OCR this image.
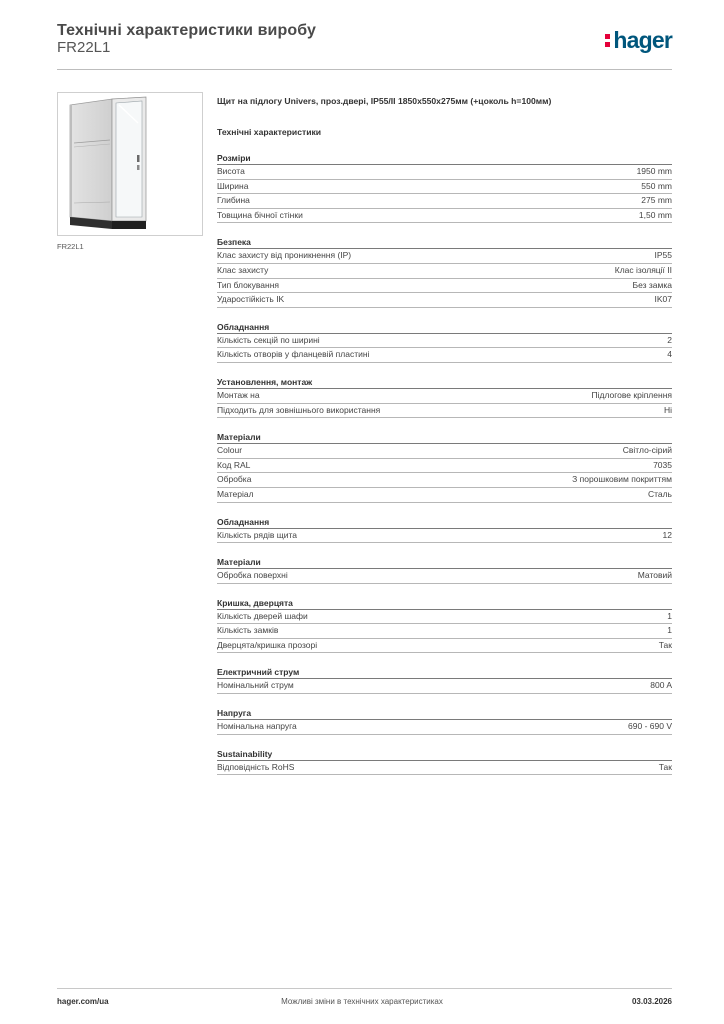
Технічні характеристики виробу
FR22L1	hager
FR22L1
Щит на підлогу Univers, проз.двері, IP55/II 1850x550x275мм (+цоколь h=100мм)
Технічні характеристики
Розміри
Висота	1950 mm
Ширина	550 mm
Глибина	275 mm
Товщина бічної стінки	1,50 mm
Безпека
Клас захисту від проникнення (IP)	IP55
Клас захисту	Клас ізоляції II
Тип блокування	Без замка
Ударостійкість IK	IK07
Обладнання
Кількість секцій по ширині	2
Кількість отворів у фланцевій пластині	4
Установлення, монтаж
Монтаж на	Підлогове кріплення
Підходить для зовнішнього використання	Ні
Матеріали
Colour	Світло-сірий
Код RAL	7035
Обробка	З порошковим покриттям
Матеріал	Сталь
Обладнання
Кількість рядів щита	12
Матеріали
Обробка поверхні	Матовий
Кришка, дверцята
Кількість дверей шафи	1
Кількість замків	1
Дверцята/кришка прозорі	Так
Електричний струм
Номінальний струм	800 A
Напруга
Номінальна напруга	690 - 690 V
Sustainability
Відповідність RoHS	Так
hager.com/ua	Можливі зміни в технічних характеристиках	03.03.2026
